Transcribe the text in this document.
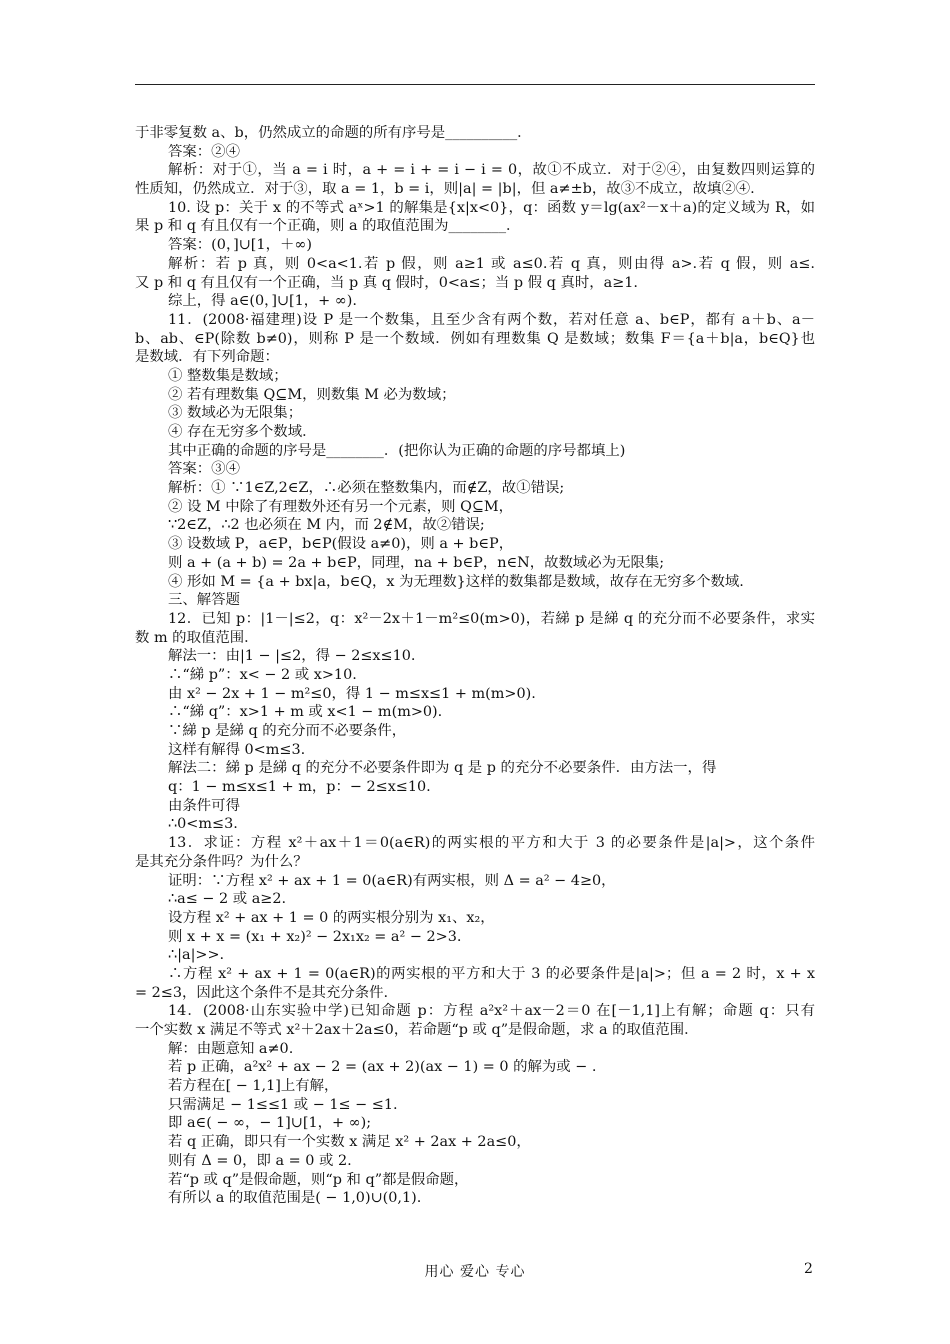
于非零复数 a、b，仍然成立的命题的所有序号是__________．
答案：②④
解析：对于①，当 a = i 时，a + = i + = i − i = 0，故①不成立．对于②④，由复数四则运算的
性质知，仍然成立．对于③，取 a = 1，b = i，则|a| = |b|，但 a≠±b，故③不成立，故填②④.
10. 设 p：关于 x 的不等式 aˣ>1 的解集是{x|x<0}，q：函数 y＝lg(ax²－x＋a)的定义域为 R，如
果 p 和 q 有且仅有一个正确，则 a 的取值范围为________．
答案：(0，]∪[1，＋∞)
解析：若 p 真，则 0<a<1.若 p 假，则 a≥1 或 a≤0.若 q 真，则由得 a>.若 q 假，则 a≤.
又 p 和 q 有且仅有一个正确，当 p 真 q 假时，0<a≤；当 p 假 q 真时，a≥1.
综上，得 a∈(0，]∪[1，+ ∞).
11．(2008·福建理)设 P 是一个数集，且至少含有两个数，若对任意 a、b∈P，都有 a＋b、a－
b、ab、∈P(除数 b≠0)，则称 P 是一个数域．例如有理数集 Q 是数域；数集 F＝{a＋b|a，b∈Q}也
是数域．有下列命题：
① 整数集是数域；
② 若有理数集 Q⊆M，则数集 M 必为数域；
③ 数域必为无限集；
④ 存在无穷多个数域．
其中正确的命题的序号是________．(把你认为正确的命题的序号都填上)
答案：③④
解析：① ∵1∈Z,2∈Z，∴必须在整数集内，而∉Z，故①错误;
② 设 M 中除了有理数外还有另一个元素，则 Q⊆M，
∵2∈Z，∴2 也必须在 M 内，而 2∉M，故②错误;
③ 设数域 P，a∈P，b∈P(假设 a≠0)，则 a + b∈P，
则 a + (a + b) = 2a + b∈P，同理，na + b∈P，n∈N，故数域必为无限集;
④ 形如 M = {a + bx|a，b∈Q，x 为无理数}这样的数集都是数域，故存在无穷多个数域.
三、解答题
12．已知 p：|1－|≤2，q：x²－2x＋1－m²≤0(m>0)，若綈 p 是綈 q 的充分而不必要条件，求实
数 m 的取值范围．
解法一：由|1 − |≤2，得 − 2≤x≤10.
∴“綈 p”：x< − 2 或 x>10.
由 x² − 2x + 1 − m²≤0，得 1 − m≤x≤1 + m(m>0).
∴“綈 q”：x>1 + m 或 x<1 − m(m>0).
∵綈 p 是綈 q 的充分而不必要条件，
这样有解得 0<m≤3.
解法二：綈 p 是綈 q 的充分不必要条件即为 q 是 p 的充分不必要条件．由方法一，得
q：1 − m≤x≤1 + m，p：− 2≤x≤10.
由条件可得
∴0<m≤3.
13．求证：方程 x²＋ax＋1＝0(a∈R)的两实根的平方和大于 3 的必要条件是|a|>，这个条件
是其充分条件吗？为什么？
证明：∵方程 x² + ax + 1 = 0(a∈R)有两实根，则 Δ = a² − 4≥0，
∴a≤ − 2 或 a≥2.
设方程 x² + ax + 1 = 0 的两实根分别为 x₁、x₂，
则 x + x = (x₁ + x₂)² − 2x₁x₂ = a² − 2>3.
∴|a|>>.
∴方程 x² + ax + 1 = 0(a∈R)的两实根的平方和大于 3 的必要条件是|a|>；但 a = 2 时，x + x
= 2≤3，因此这个条件不是其充分条件.
14．(2008·山东实验中学)已知命题 p：方程 a²x²＋ax－2＝0 在[－1,1]上有解；命题 q：只有
一个实数 x 满足不等式 x²＋2ax＋2a≤0，若命题“p 或 q”是假命题，求 a 的取值范围．
解：由题意知 a≠0.
若 p 正确，a²x² + ax − 2 = (ax + 2)(ax − 1) = 0 的解为或 − .
若方程在[ − 1,1]上有解，
只需满足 − 1≤≤1 或 − 1≤ − ≤1.
即 a∈( − ∞，− 1]∪[1，+ ∞);
若 q 正确，即只有一个实数 x 满足 x² + 2ax + 2a≤0，
则有 Δ = 0，即 a = 0 或 2.
若“p 或 q”是假命题，则“p 和 q”都是假命题，
有所以 a 的取值范围是( − 1,0)∪(0,1).
用心 爱心 专心	2
